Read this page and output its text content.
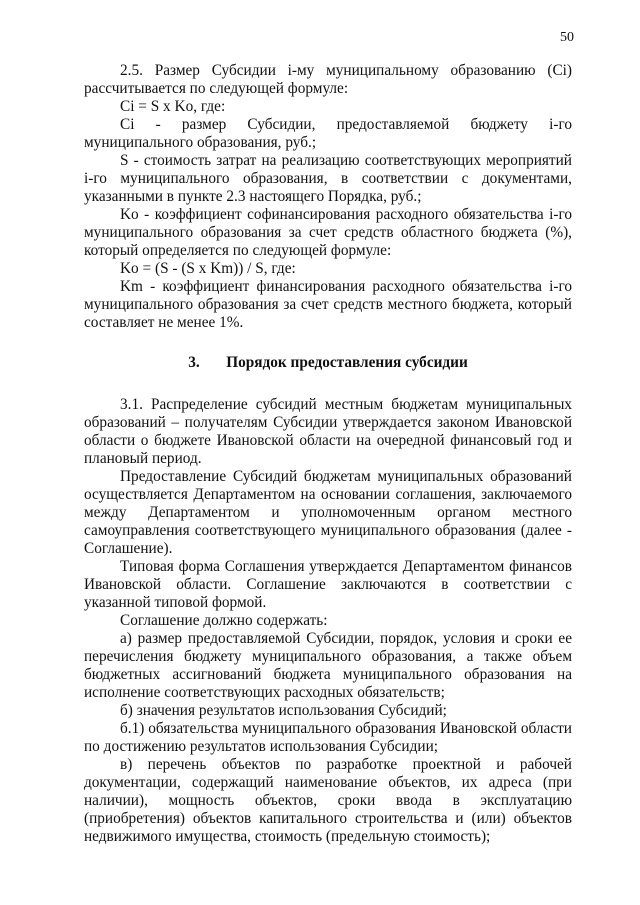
50

2.5. Размер Субсидии i-му муниципальному образованию (Ci) рассчитывается по следующей формуле:

Ci = S x Ko, где:

Ci - размер Субсидии, предоставляемой бюджету i-го муниципального образования, руб.;

S - стоимость затрат на реализацию соответствующих мероприятий i-го муниципального образования, в соответствии с документами, указанными в пункте 2.3 настоящего Порядка, руб.;

Ko - коэффициент софинансирования расходного обязательства i-го муниципального образования за счет средств областного бюджета (%), который определяется по следующей формуле:

Ko = (S - (S x Km)) / S, где:

Km - коэффициент финансирования расходного обязательства i-го муниципального образования за счет средств местного бюджета, который составляет не менее 1%.

3.	Порядок предоставления субсидии

3.1. Распределение субсидий местным бюджетам муниципальных образований – получателям Субсидии утверждается законом Ивановской области о бюджете Ивановской области на очередной финансовый год и плановый период.

Предоставление Субсидий бюджетам муниципальных образований осуществляется Департаментом на основании соглашения, заключаемого между Департаментом и уполномоченным органом местного самоуправления соответствующего муниципального образования (далее - Соглашение).

Типовая форма Соглашения утверждается Департаментом финансов Ивановской области. Соглашение заключаются в соответствии с указанной типовой формой.

Соглашение должно содержать:

а) размер предоставляемой Субсидии, порядок, условия и сроки ее перечисления бюджету муниципального образования, а также объем бюджетных ассигнований бюджета муниципального образования на исполнение соответствующих расходных обязательств;

б) значения результатов использования Субсидий;

б.1) обязательства муниципального образования Ивановской области по достижению результатов использования Субсидии;

в) перечень объектов по разработке проектной и рабочей документации, содержащий наименование объектов, их адреса (при наличии), мощность объектов, сроки ввода в эксплуатацию (приобретения) объектов капитального строительства и (или) объектов недвижимого имущества, стоимость (предельную стоимость);
